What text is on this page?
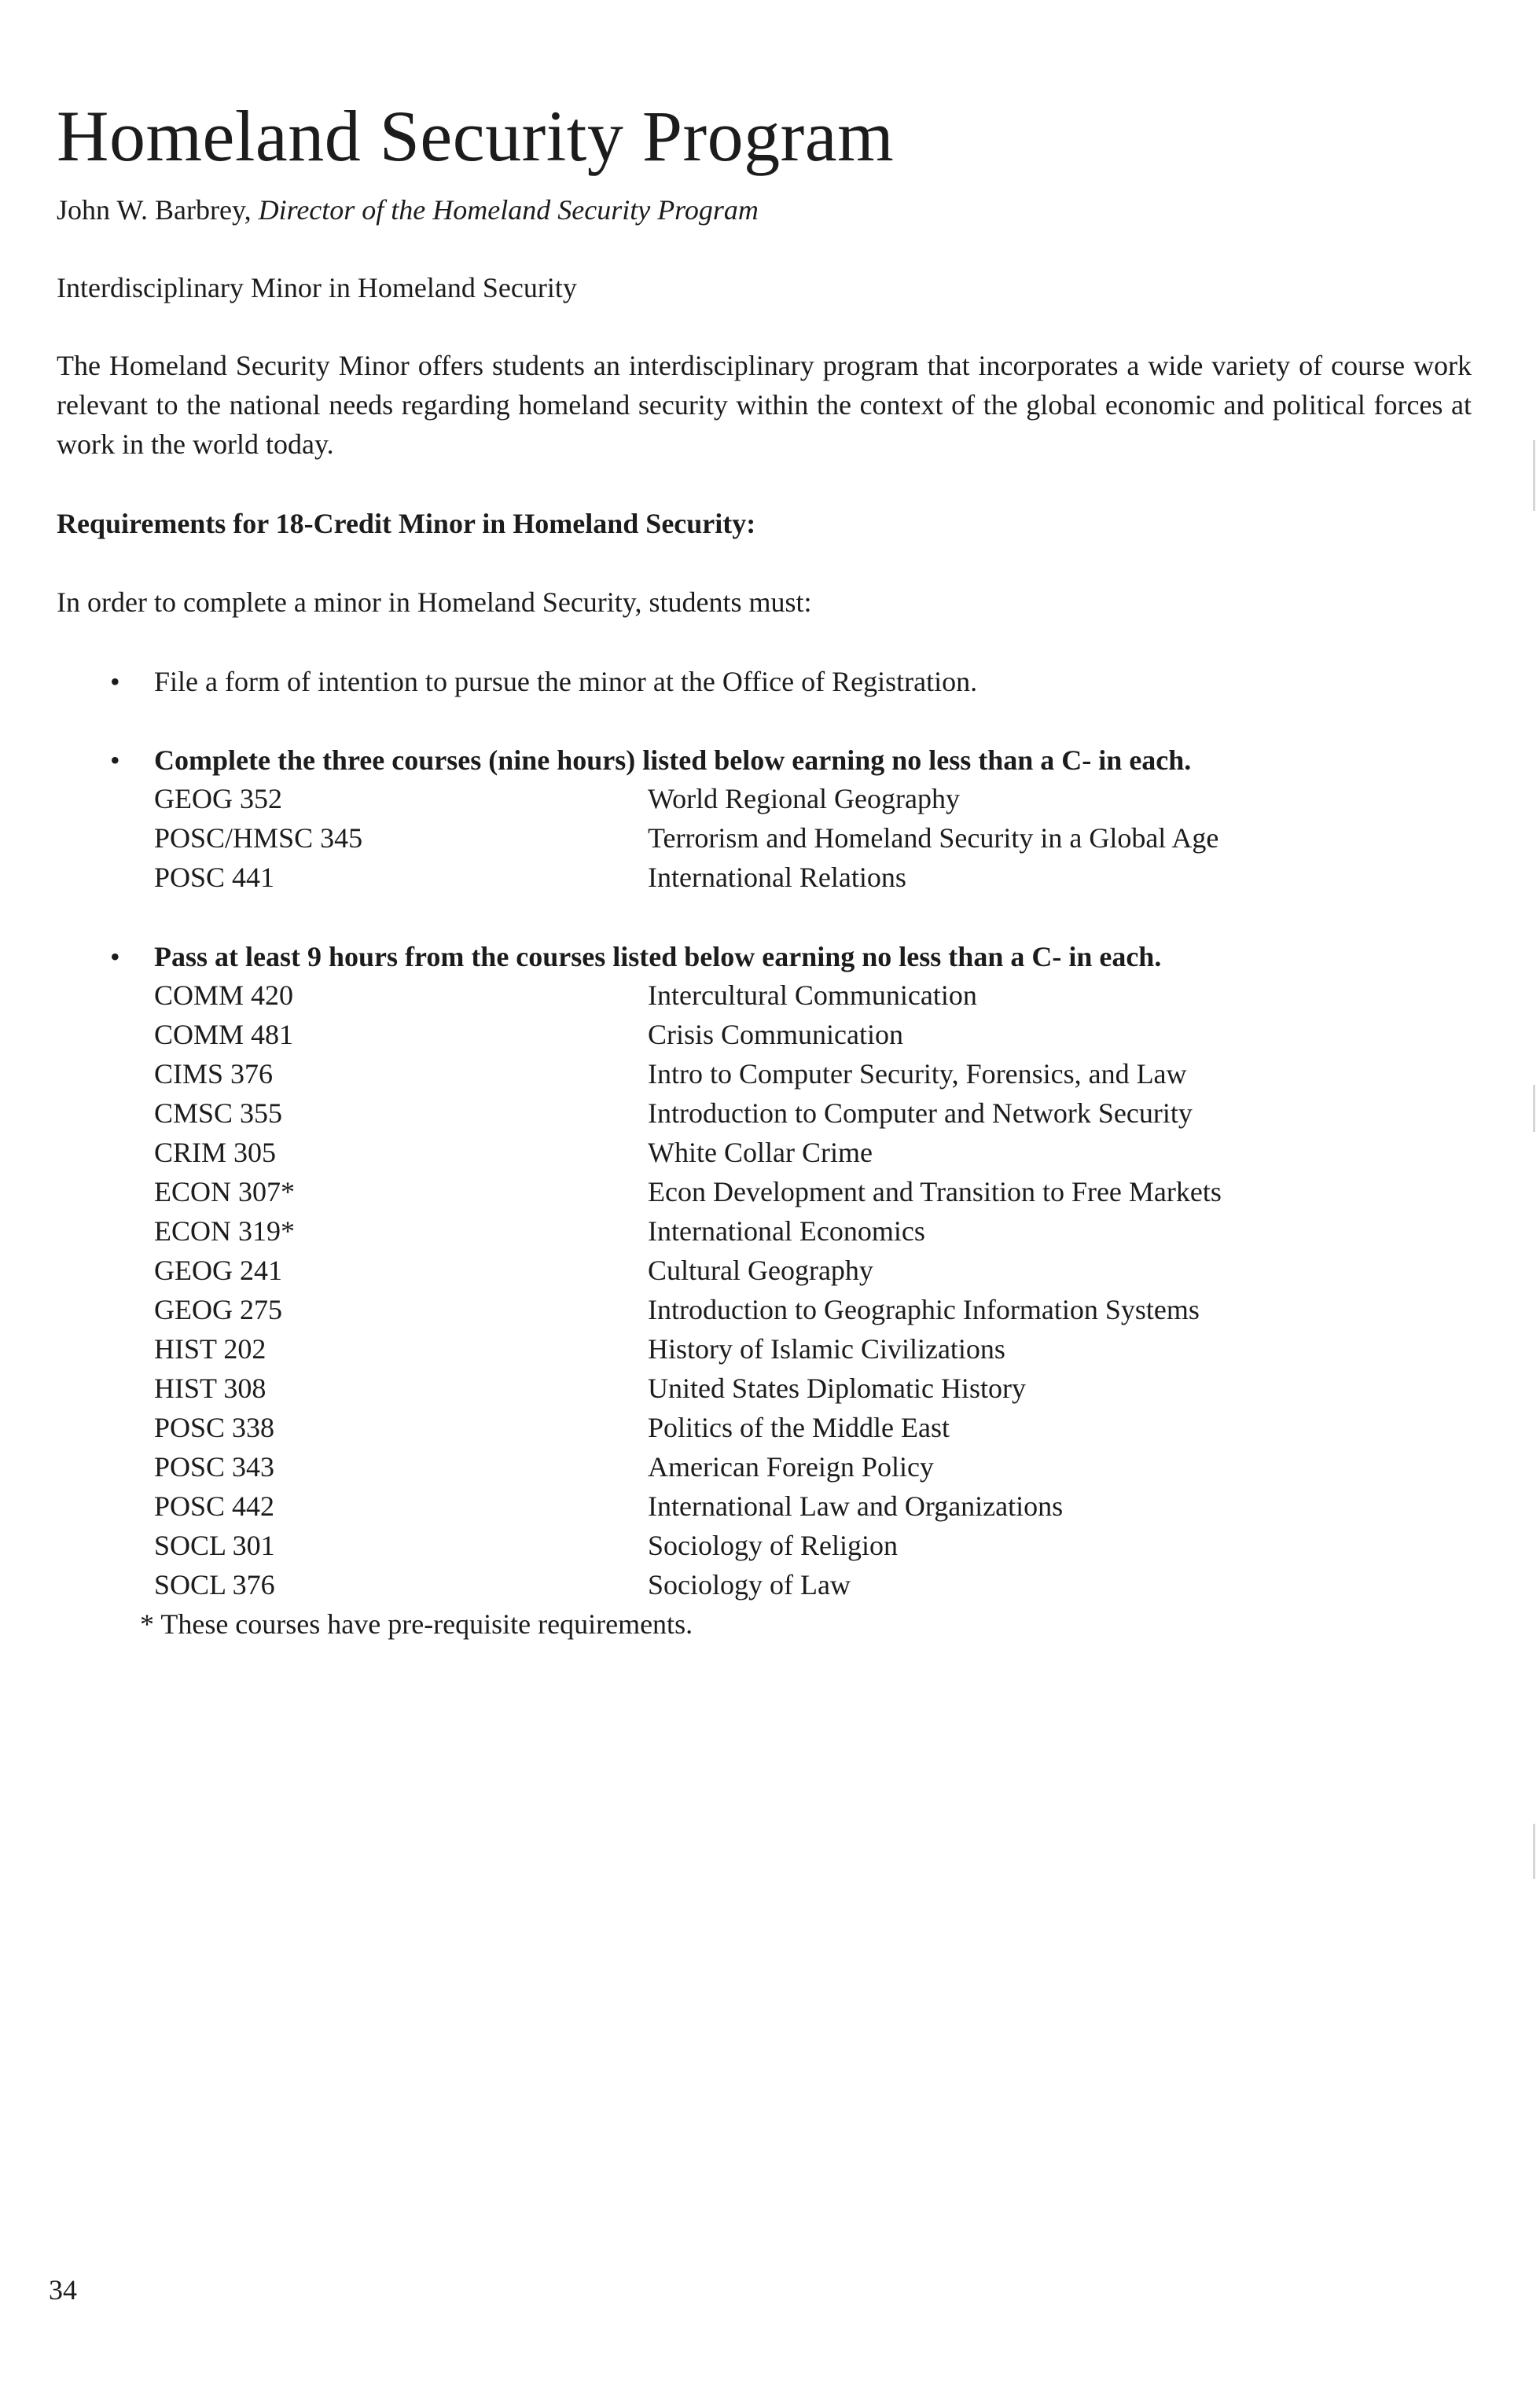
Homeland Security Program
John W. Barbrey, Director of the Homeland Security Program
Interdisciplinary Minor in Homeland Security

The Homeland Security Minor offers students an interdisciplinary program that incorporates a wide variety of course work relevant to the national needs regarding homeland security within the context of the global economic and political forces at work in the world today.

Requirements for 18-Credit Minor in Homeland Security:
In order to complete a minor in Homeland Security, students must:
•	File a form of intention to pursue the minor at the Office of Registration.
•	Complete the three courses (nine hours) listed below earning no less than a C- in each.
GEOG 352	World Regional Geography
POSC/HMSC 345	Terrorism and Homeland Security in a Global Age
POSC 441	International Relations
•	Pass at least 9 hours from the courses listed below earning no less than a C- in each.
COMM 420	Intercultural Communication
COMM 481	Crisis Communication
CIMS 376	Intro to Computer Security, Forensics, and Law
CMSC 355	Introduction to Computer and Network Security
CRIM 305	White Collar Crime
ECON 307*	Econ Development and Transition to Free Markets
ECON 319*	International Economics
GEOG 241	Cultural Geography
GEOG 275	Introduction to Geographic Information Systems
HIST 202	History of Islamic Civilizations
HIST 308	United States Diplomatic History
POSC 338	Politics of the Middle East
POSC 343	American Foreign Policy
POSC 442	International Law and Organizations
SOCL 301	Sociology of Religion
SOCL 376	Sociology of Law
* These courses have pre-requisite requirements.
34
